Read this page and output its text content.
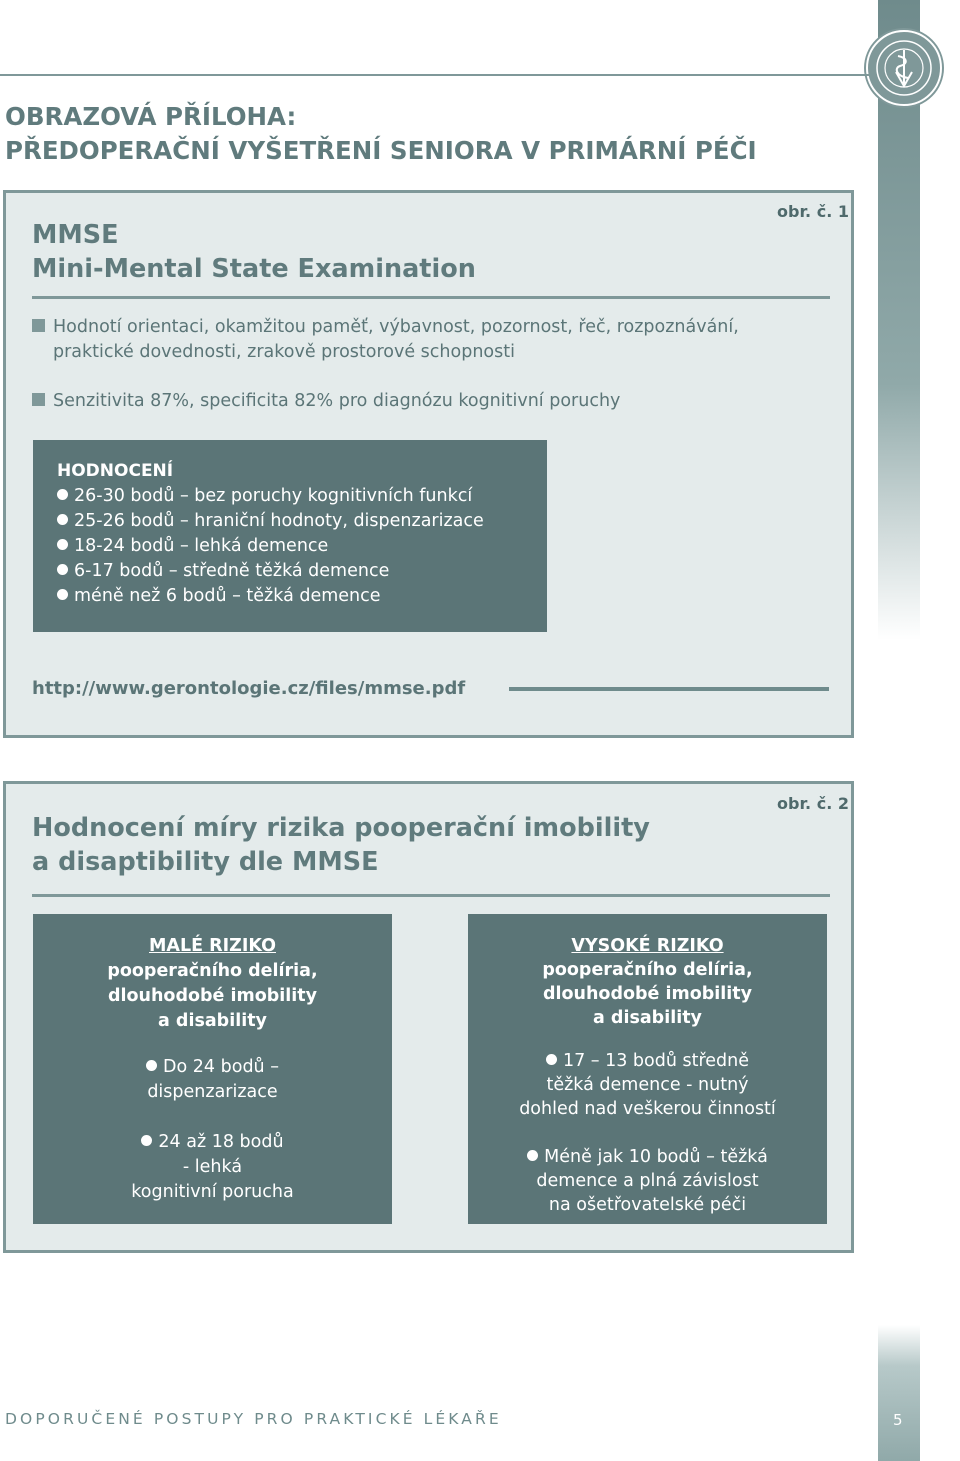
OBRAZOVÁ PŘÍLOHA:
PŘEDOPERAČNÍ VYŠETŘENÍ SENIORA V PRIMÁRNÍ PÉČI
obr. č. 1
MMSE
Mini-Mental State Examination
Hodnotí orientaci, okamžitou paměť, výbavnost, pozornost, řeč, rozpoznávání,
praktické dovednosti, zrakově prostorové schopnosti
Senzitivita 87%, specificita 82% pro diagnózu kognitivní poruchy
HODNOCENÍ
26-30 bodů – bez poruchy kognitivních funkcí
25-26 bodů – hraniční hodnoty, dispenzarizace
18-24 bodů – lehká demence
6-17 bodů – středně těžká demence
méně než 6 bodů – těžká demence
http://www.gerontologie.cz/files/mmse.pdf
obr. č. 2
Hodnocení míry rizika pooperační imobility
a disaptibility dle MMSE
MALÉ RIZIKO
pooperačního delíria,
dlouhodobé imobility
a disability
Do 24 bodů –
dispenzarizace
24 až 18 bodů
- lehká
kognitivní porucha
VYSOKÉ RIZIKO
pooperačního delíria,
dlouhodobé imobility
a disability
17 – 13 bodů středně
těžká demence - nutný
dohled nad veškerou činností
Méně jak 10 bodů – těžká
demence a plná závislost
na ošetřovatelské péči
DOPORUČENÉ POSTUPY PRO PRAKTICKÉ LÉKAŘE	5
